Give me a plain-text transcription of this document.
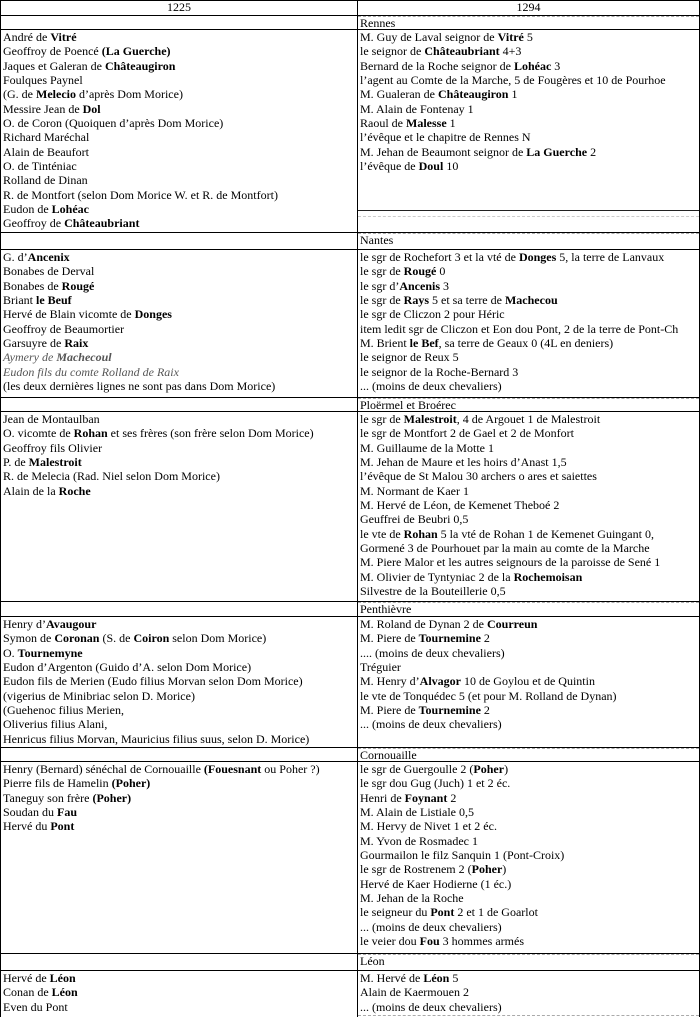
1225	1294
Rennes
André de Vitré
Geoffroy de Poencé (La Guerche)
Jaques et Galeran de Châteaugiron
Foulques Paynel
(G. de Melecio d’après Dom Morice)
Messire Jean de Dol
O. de Coron (Quoiquen d’après Dom Morice)
Richard Maréchal
Alain de Beaufort
O. de Tinténiac
Rolland de Dinan
R. de Montfort (selon Dom Morice W. et R. de Montfort)
Eudon de Lohéac
Geoffroy de Châteaubriant
M. Guy de Laval seignor de Vitré 5
le seignor de Châteaubriant 4+3
Bernard de la Roche seignor de Lohéac 3
l’agent au Comte de la Marche, 5 de Fougères et 10 de Pourhoe
M. Gualeran de Châteaugiron 1
M. Alain de Fontenay 1
Raoul de Malesse 1
l’évêque et le chapitre de Rennes N
M. Jehan de Beaumont seignor de La Guerche 2
l’évêque de Doul 10
Nantes
G. d’Ancenix
Bonabes de Derval
Bonabes de Rougé
Briant le Beuf
Hervé de Blain vicomte de Donges
Geoffroy de Beaumortier
Garsuyre de Raix
Aymery de Machecoul
Eudon fils du comte Rolland de Raix
(les deux dernières lignes ne sont pas dans Dom Morice)
le sgr de Rochefort 3 et la vté de Donges 5, la terre de Lanvaux
le sgr de Rougé 0
le sgr d’Ancenis 3
le sgr de Rays 5 et sa terre de Machecou
le sgr de Cliczon 2 pour Héric
item ledit sgr de Cliczon et Eon dou Pont, 2 de la terre de Pont-Ch
M. Brient le Bef, sa terre de Geaux 0 (4L en deniers)
le seignor de Reux 5
le seignor de la Roche-Bernard 3
... (moins de deux chevaliers)
Ploërmel et Broérec
Jean de Montaulban
O. vicomte de Rohan et ses frères (son frère selon Dom Morice)
Geoffroy fils Olivier
P. de Malestroit
R. de Melecia (Rad. Niel selon Dom Morice)
Alain de la Roche
le sgr de Malestroit, 4 de Argouet 1 de Malestroit
le sgr de Montfort 2 de Gael et 2 de Monfort
M. Guillaume de la Motte 1
M. Jehan de Maure et les hoirs d’Anast 1,5
l’évêque de St Malou 30 archers o ares et saiettes
M. Normant de Kaer 1
M. Hervé de Léon, de Kemenet Theboé 2
Geuffrei de Beubri 0,5
le vte de Rohan 5 la vté de Rohan 1 de Kemenet Guingant 0,
Gormené 3 de Pourhouet par la main au comte de la Marche
M. Piere Malor et les autres seignours de la paroisse de Sené 1
M. Olivier de Tyntyniac 2 de la Rochemoisan
Silvestre de la Bouteillerie 0,5
Penthièvre
Henry d’Avaugour
Symon de Coronan (S. de Coiron selon Dom Morice)
O. Tournemyne
Eudon d’Argenton (Guido d’A. selon Dom Morice)
Eudon fils de Merien (Eudo filius Morvan selon Dom Morice)
(vigerius de Minibriac selon D. Morice)
(Guehenoc filius Merien,
Oliverius filius Alani,
Henricus filius Morvan, Mauricius filius suus, selon D. Morice)
M. Roland de Dynan 2 de Courreun
M. Piere de Tournemine 2
.... (moins de deux chevaliers)
Tréguier
M. Henry d’Alvagor 10 de Goylou et de Quintin
le vte de Tonquédec 5 (et pour M. Rolland de Dynan)
M. Piere de Tournemine 2
... (moins de deux chevaliers)
Cornouaille
Henry (Bernard) sénéchal de Cornouaille (Fouesnant ou Poher ?)
Pierre fils de Hamelin (Poher)
Taneguy son frère (Poher)
Soudan du Fau
Hervé du Pont
le sgr de Guergoulle 2 (Poher)
le sgr dou Gug (Juch) 1 et 2 éc.
Henri de Foynant 2
M. Alain de Listiale 0,5
M. Hervy de Nivet 1 et 2 éc.
M. Yvon de Rosmadec 1
Gourmailon le filz Sanquin 1 (Pont-Croix)
le sgr de Rostrenem 2 (Poher)
Hervé de Kaer Hodierne (1 éc.)
M. Jehan de la Roche
le seigneur du Pont 2 et 1 de Goarlot
... (moins de deux chevaliers)
le veier dou Fou 3 hommes armés
Léon
Hervé de Léon
Conan de Léon
Even du Pont
M. Hervé de Léon 5
Alain de Kaermouen 2
... (moins de deux chevaliers)
